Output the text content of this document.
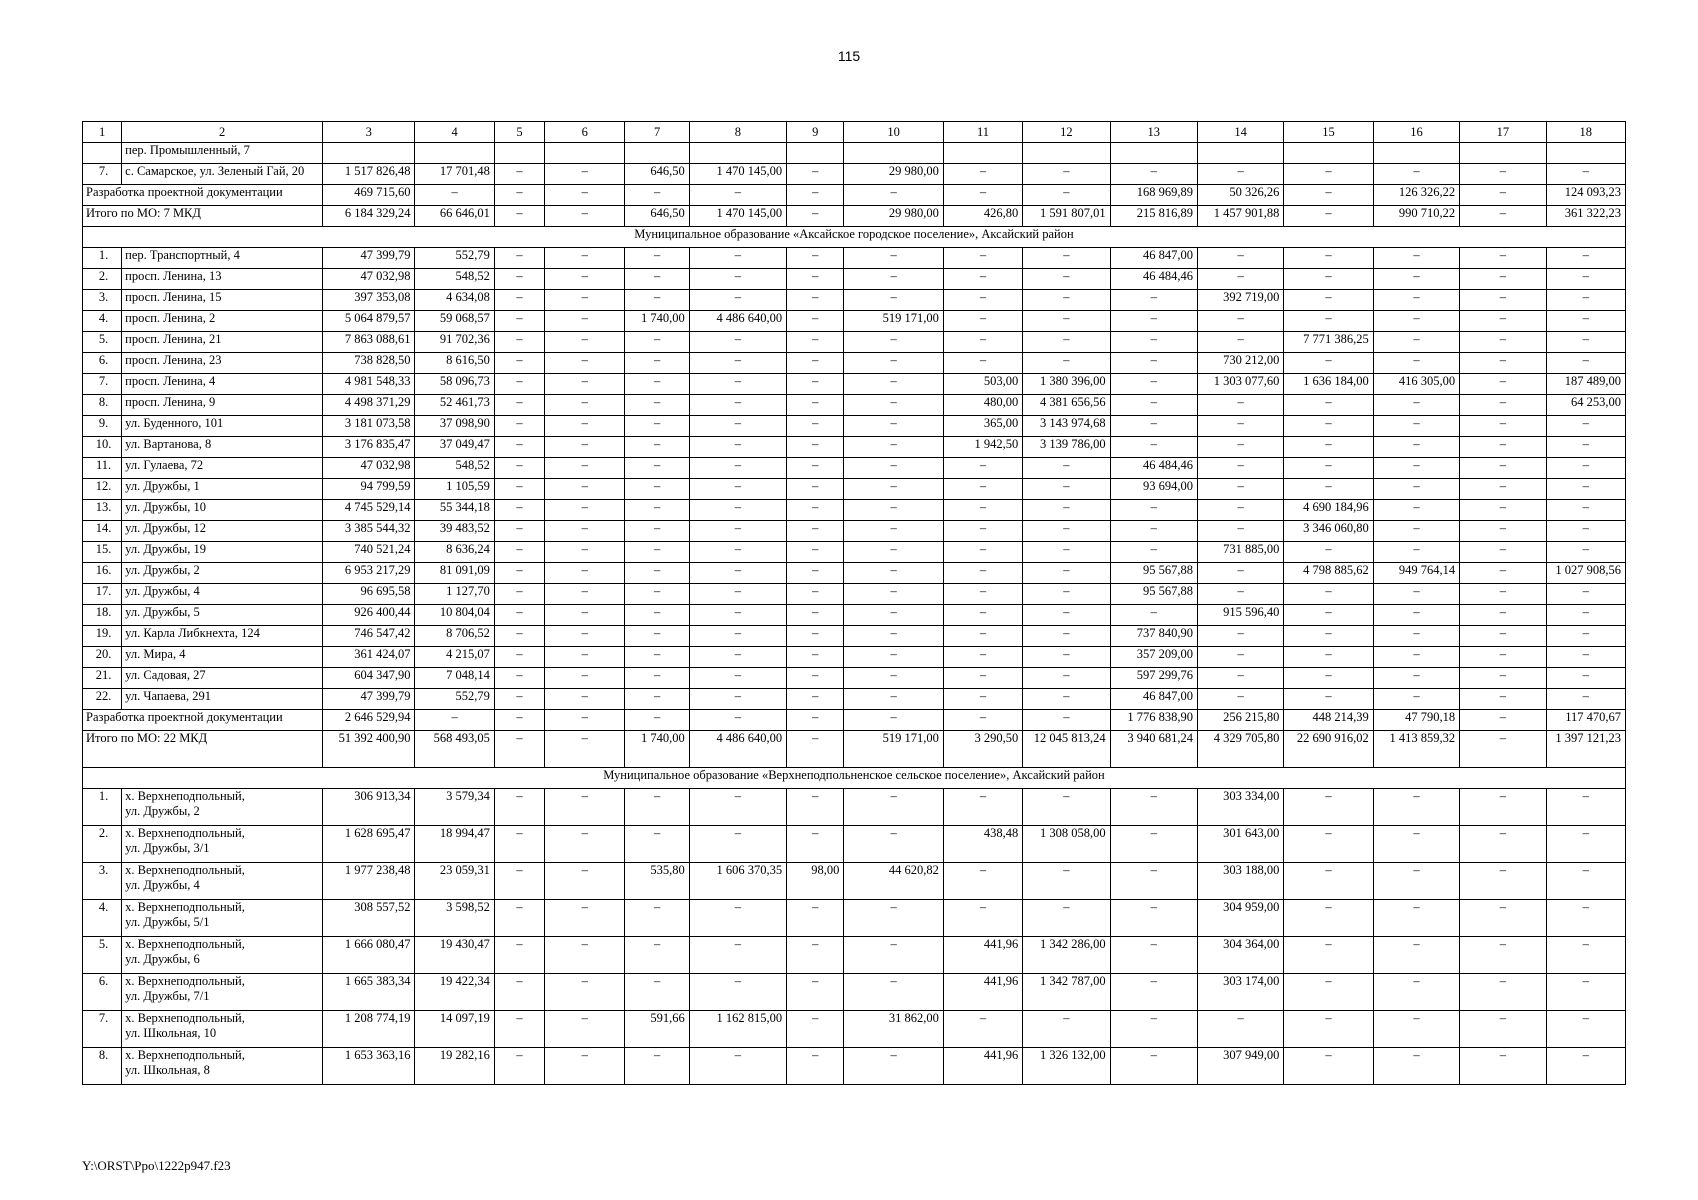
115
1	2	3	4	5	6	7	8	9	10	11	12	13	14	15	16	17	18
	пер. Промышленный, 7																
7.	с. Самарское, ул. Зеленый Гай, 20	1 517 826,48	17 701,48	–	–	646,50	1 470 145,00	–	29 980,00	–	–	–	–	–	–	–	–
Разработка проектной документации		469 715,60	–	–	–	–	–	–	–	–	–	168 969,89	50 326,26	–	126 326,22	–	124 093,23
Итого по МО: 7 МКД		6 184 329,24	66 646,01	–	–	646,50	1 470 145,00	–	29 980,00	426,80	1 591 807,01	215 816,89	1 457 901,88	–	990 710,22	–	361 322,23
Муниципальное образование «Аксайское городское поселение», Аксайский район																	
1.	пер. Транспортный, 4	47 399,79	552,79	–	–	–	–	–	–	–	–	46 847,00	–	–	–	–	–
2.	просп. Ленина, 13	47 032,98	548,52	–	–	–	–	–	–	–	–	46 484,46	–	–	–	–	–
3.	просп. Ленина, 15	397 353,08	4 634,08	–	–	–	–	–	–	–	–	–	392 719,00	–	–	–	–
4.	просп. Ленина, 2	5 064 879,57	59 068,57	–	–	1 740,00	4 486 640,00	–	519 171,00	–	–	–	–	–	–	–	–
5.	просп. Ленина, 21	7 863 088,61	91 702,36	–	–	–	–	–	–	–	–	–	–	7 771 386,25	–	–	–
6.	просп. Ленина, 23	738 828,50	8 616,50	–	–	–	–	–	–	–	–	–	730 212,00	–	–	–	–
7.	просп. Ленина, 4	4 981 548,33	58 096,73	–	–	–	–	–	–	503,00	1 380 396,00	–	1 303 077,60	1 636 184,00	416 305,00	–	187 489,00
8.	просп. Ленина, 9	4 498 371,29	52 461,73	–	–	–	–	–	–	480,00	4 381 656,56	–	–	–	–	–	64 253,00
9.	ул. Буденного, 101	3 181 073,58	37 098,90	–	–	–	–	–	–	365,00	3 143 974,68	–	–	–	–	–	–
10.	ул. Вартанова, 8	3 176 835,47	37 049,47	–	–	–	–	–	–	1 942,50	3 139 786,00	–	–	–	–	–	–
11.	ул. Гулаева, 72	47 032,98	548,52	–	–	–	–	–	–	–	–	46 484,46	–	–	–	–	–
12.	ул. Дружбы, 1	94 799,59	1 105,59	–	–	–	–	–	–	–	–	93 694,00	–	–	–	–	–
13.	ул. Дружбы, 10	4 745 529,14	55 344,18	–	–	–	–	–	–	–	–	–	–	4 690 184,96	–	–	–
14.	ул. Дружбы, 12	3 385 544,32	39 483,52	–	–	–	–	–	–	–	–	–	–	3 346 060,80	–	–	–
15.	ул. Дружбы, 19	740 521,24	8 636,24	–	–	–	–	–	–	–	–	–	731 885,00	–	–	–	–
16.	ул. Дружбы, 2	6 953 217,29	81 091,09	–	–	–	–	–	–	–	–	95 567,88	–	4 798 885,62	949 764,14	–	1 027 908,56
17.	ул. Дружбы, 4	96 695,58	1 127,70	–	–	–	–	–	–	–	–	95 567,88	–	–	–	–	–
18.	ул. Дружбы, 5	926 400,44	10 804,04	–	–	–	–	–	–	–	–	–	915 596,40	–	–	–	–
19.	ул. Карла Либкнехта, 124	746 547,42	8 706,52	–	–	–	–	–	–	–	–	737 840,90	–	–	–	–	–
20.	ул. Мира, 4	361 424,07	4 215,07	–	–	–	–	–	–	–	–	357 209,00	–	–	–	–	–
21.	ул. Садовая, 27	604 347,90	7 048,14	–	–	–	–	–	–	–	–	597 299,76	–	–	–	–	–
22.	ул. Чапаева, 291	47 399,79	552,79	–	–	–	–	–	–	–	–	46 847,00	–	–	–	–	–
Разработка проектной документации		2 646 529,94	–	–	–	–	–	–	–	–	–	1 776 838,90	256 215,80	448 214,39	47 790,18	–	117 470,67
Итого по МО: 22 МКД		51 392 400,90	568 493,05	–	–	1 740,00	4 486 640,00	–	519 171,00	3 290,50	12 045 813,24	3 940 681,24	4 329 705,80	22 690 916,02	1 413 859,32	–	1 397 121,23
Муниципальное образование «Верхнеподпольненское сельское поселение», Аксайский район																	
1.	х. Верхнеподпольный,
ул. Дружбы, 2	306 913,34	3 579,34	–	–	–	–	–	–	–	–	–	303 334,00	–	–	–	–
2.	х. Верхнеподпольный,
ул. Дружбы, 3/1	1 628 695,47	18 994,47	–	–	–	–	–	–	438,48	1 308 058,00	–	301 643,00	–	–	–	–
3.	х. Верхнеподпольный,
ул. Дружбы, 4	1 977 238,48	23 059,31	–	–	535,80	1 606 370,35	98,00	44 620,82	–	–	–	303 188,00	–	–	–	–
4.	х. Верхнеподпольный,
ул. Дружбы, 5/1	308 557,52	3 598,52	–	–	–	–	–	–	–	–	–	304 959,00	–	–	–	–
5.	х. Верхнеподпольный,
ул. Дружбы, 6	1 666 080,47	19 430,47	–	–	–	–	–	–	441,96	1 342 286,00	–	304 364,00	–	–	–	–
6.	х. Верхнеподпольный,
ул. Дружбы, 7/1	1 665 383,34	19 422,34	–	–	–	–	–	–	441,96	1 342 787,00	–	303 174,00	–	–	–	–
7.	х. Верхнеподпольный,
ул. Школьная, 10	1 208 774,19	14 097,19	–	–	591,66	1 162 815,00	–	31 862,00	–	–	–	–	–	–	–	–
8.	х. Верхнеподпольный,
ул. Школьная, 8	1 653 363,16	19 282,16	–	–	–	–	–	–	441,96	1 326 132,00	–	307 949,00	–	–	–	–
Y:\ORST\Ppo\1222p947.f23
